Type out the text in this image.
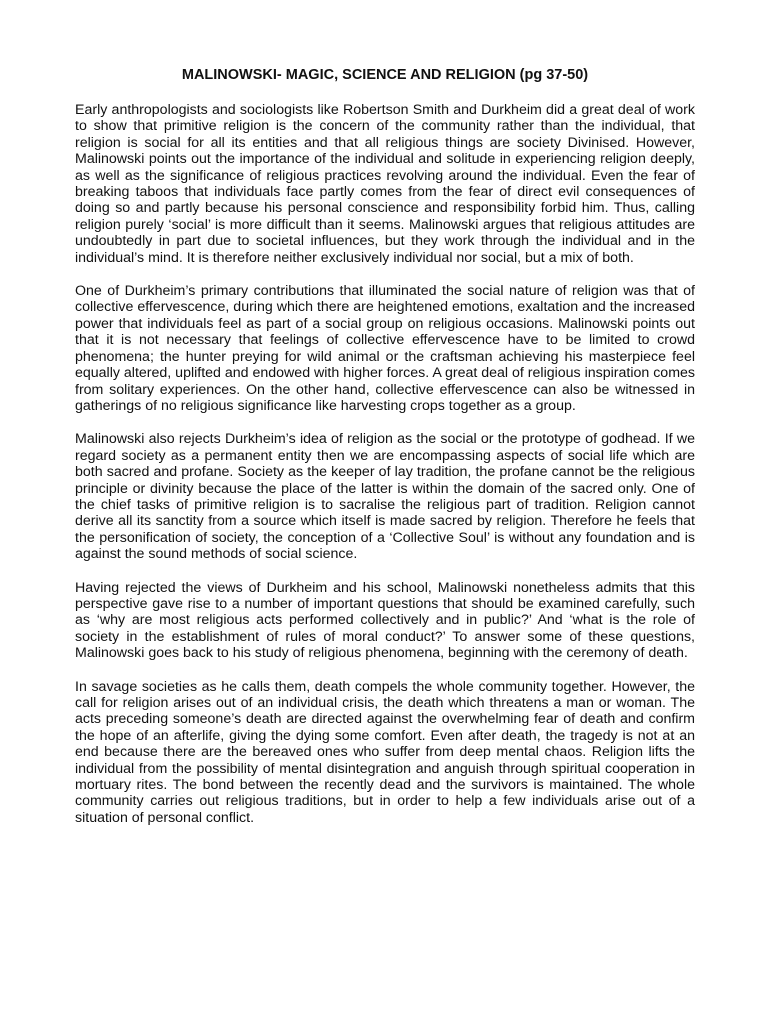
MALINOWSKI- MAGIC, SCIENCE AND RELIGION (pg 37-50)

Early anthropologists and sociologists like Robertson Smith and Durkheim did a great deal of work to show that primitive religion is the concern of the community rather than the individual, that religion is social for all its entities and that all religious things are society Divinised. However, Malinowski points out the importance of the individual and solitude in experiencing religion deeply, as well as the significance of religious practices revolving around the individual. Even the fear of breaking taboos that individuals face partly comes from the fear of direct evil consequences of doing so and partly because his personal conscience and responsibility forbid him. Thus, calling religion purely ‘social’ is more difficult than it seems. Malinowski argues that religious attitudes are undoubtedly in part due to societal influences, but they work through the individual and in the individual’s mind. It is therefore neither exclusively individual nor social, but a mix of both.

One of Durkheim’s primary contributions that illuminated the social nature of religion was that of collective effervescence, during which there are heightened emotions, exaltation and the increased power that individuals feel as part of a social group on religious occasions. Malinowski points out that it is not necessary that feelings of collective effervescence have to be limited to crowd phenomena; the hunter preying for wild animal or the craftsman achieving his masterpiece feel equally altered, uplifted and endowed with higher forces. A great deal of religious inspiration comes from solitary experiences. On the other hand, collective effervescence can also be witnessed in gatherings of no religious significance like harvesting crops together as a group.

Malinowski also rejects Durkheim’s idea of religion as the social or the prototype of godhead. If we regard society as a permanent entity then we are encompassing aspects of social life which are both sacred and profane. Society as the keeper of lay tradition, the profane cannot be the religious principle or divinity because the place of the latter is within the domain of the sacred only. One of the chief tasks of primitive religion is to sacralise the religious part of tradition. Religion cannot derive all its sanctity from a source which itself is made sacred by religion. Therefore he feels that the personification of society, the conception of a ‘Collective Soul’ is without any foundation and is against the sound methods of social science.

Having rejected the views of Durkheim and his school, Malinowski nonetheless admits that this perspective gave rise to a number of important questions that should be examined carefully, such as ‘why are most religious acts performed collectively and in public?’ And ‘what is the role of society in the establishment of rules of moral conduct?’ To answer some of these questions, Malinowski goes back to his study of religious phenomena, beginning with the ceremony of death.

In savage societies as he calls them, death compels the whole community together. However, the call for religion arises out of an individual crisis, the death which threatens a man or woman. The acts preceding someone’s death are directed against the overwhelming fear of death and confirm the hope of an afterlife, giving the dying some comfort. Even after death, the tragedy is not at an end because there are the bereaved ones who suffer from deep mental chaos. Religion lifts the individual from the possibility of mental disintegration and anguish through spiritual cooperation in mortuary rites. The bond between the recently dead and the survivors is maintained. The whole community carries out religious traditions, but in order to help a few individuals arise out of a situation of personal conflict.
